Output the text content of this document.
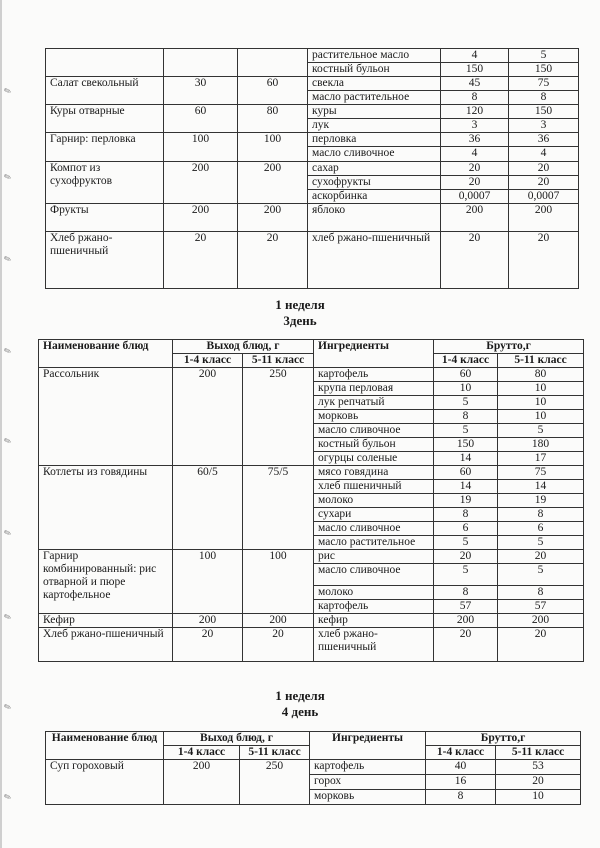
✎
✎
✎
✎
✎
✎
✎
✎
✎
			растительное масло	4	5
			костный бульон	150	150
Салат свекольный	30	60	свекла	45	75
			масло растительное	8	8
Куры отварные	60	80	куры	120	150
			лук	3	3
Гарнир: перловка	100	100	перловка	36	36
			масло сливочное	4	4
Компот из сухофруктов	200	200	сахар	20	20
			сухофрукты	20	20
			аскорбинка	0,0007	0,0007
Фрукты	200	200	яблоко	200	200
Хлеб ржано-пшеничный	20	20	хлеб ржано-пшеничный	20	20
1 неделя
3день
Наименование блюд	Выход блюд, г		Ингредиенты	Брутто,г	
	1-4 класс	5-11 класс		1-4 класс	5-11 класс
Рассольник	200	250	картофель	60	80
			крупа перловая	10	10
			лук репчатый	5	10
			морковь	8	10
			масло сливочное	5	5
			костный бульон	150	180
			огурцы соленые	14	17
Котлеты из говядины	60/5	75/5	мясо говядина	60	75
			хлеб пшеничный	14	14
			молоко	19	19
			сухари	8	8
			масло сливочное	6	6
			масло растительное	5	5
Гарнир комбинированный: рис отварной и пюре картофельное	100	100	рис	20	20
			масло сливочное	5	5
			молоко	8	8
			картофель	57	57
Кефир	200	200	кефир	200	200
Хлеб ржано-пшеничный	20	20	хлеб ржано-пшеничный	20	20
1 неделя
4 день
Наименование блюд	Выход блюд, г		Ингредиенты	Брутто,г	
	1-4 класс	5-11 класс		1-4 класс	5-11 класс
Суп гороховый	200	250	картофель	40	53
			горох	16	20
			морковь	8	10
